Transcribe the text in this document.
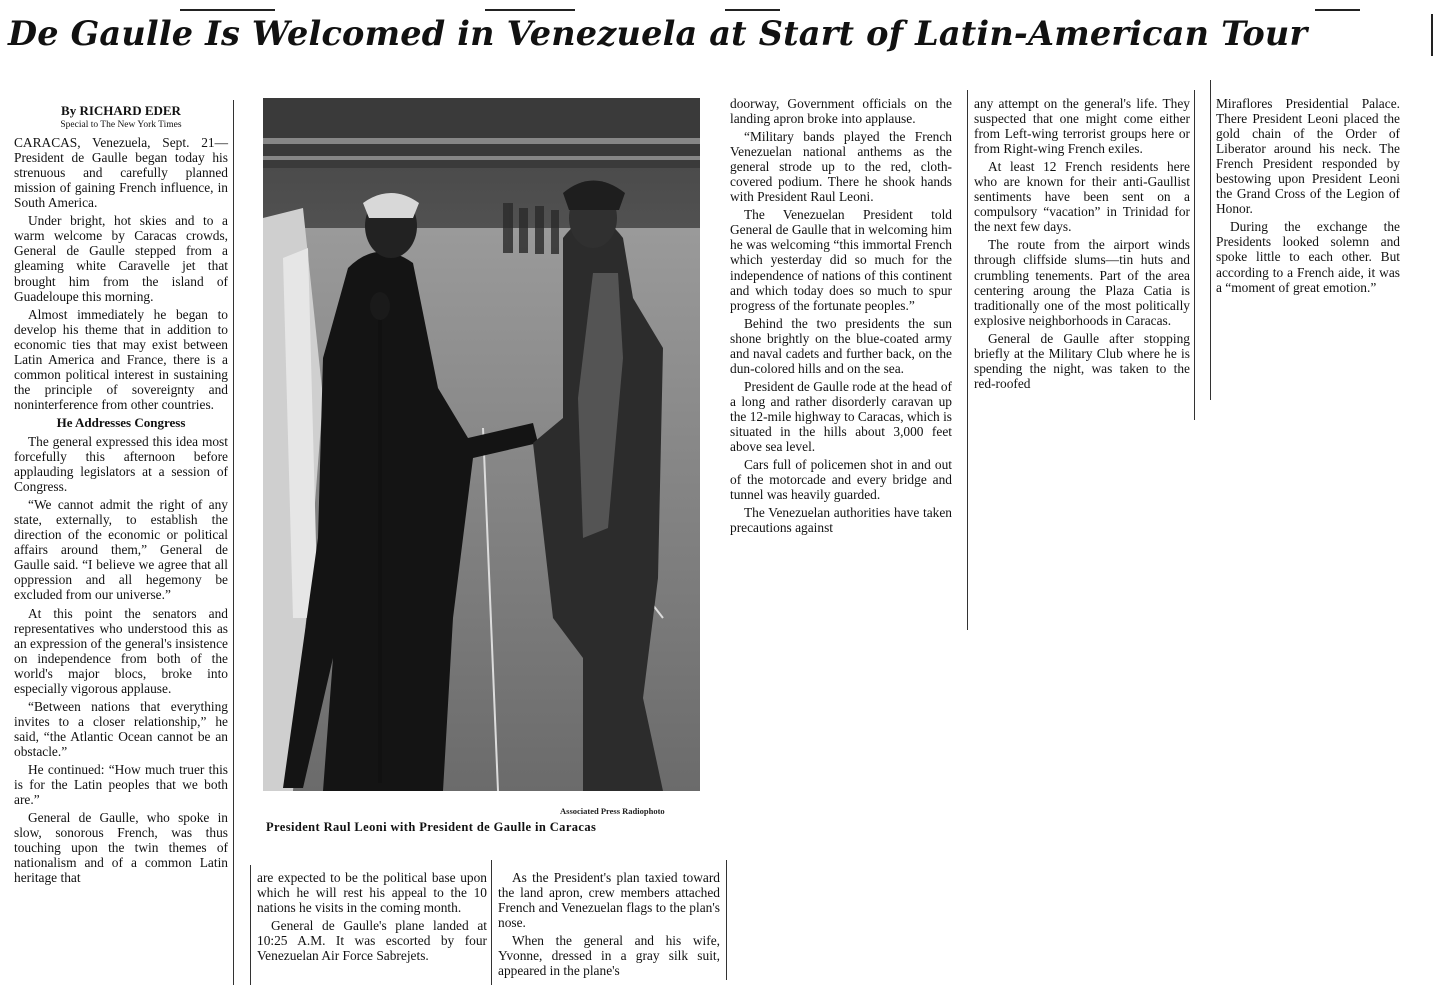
De Gaulle Is Welcomed in Venezuela at Start of Latin-American Tour
By RICHARD EDER
Special to The New York Times

CARACAS, Venezuela, Sept. 21—President de Gaulle began today his strenuous and carefully planned mission of gaining French influence, in South America.

Under bright, hot skies and to a warm welcome by Caracas crowds, General de Gaulle stepped from a gleaming white Caravelle jet that brought him from the island of Guadeloupe this morning.

Almost immediately he began to develop his theme that in addition to economic ties that may exist between Latin America and France, there is a common political interest in sustaining the principle of sovereignty and noninterference from other countries.

He Addresses Congress

The general expressed this idea most forcefully this afternoon before applauding legislators at a session of Congress.

“We cannot admit the right of any state, externally, to establish the direction of the economic or political affairs around them,” General de Gaulle said. “I believe we agree that all oppression and all hegemony be excluded from our universe.”

At this point the senators and representatives who understood this as an expression of the general's insistence on independence from both of the world's major blocs, broke into especially vigorous applause.

“Between nations that everything invites to a closer relationship,” he said, “the Atlantic Ocean cannot be an obstacle.”

He continued: “How much truer this is for the Latin peoples that we both are.”

General de Gaulle, who spoke in slow, sonorous French, was thus touching upon the twin themes of nationalism and of a common Latin heritage that

Associated Press Radiophoto
President Raul Leoni with President de Gaulle in Caracas

are expected to be the political base upon which he will rest his appeal to the 10 nations he visits in the coming month.

General de Gaulle's plane landed at 10:25 A.M. It was escorted by four Venezuelan Air Force Sabrejets.

As the President's plan taxied toward the land apron, crew members attached French and Venezuelan flags to the plan's nose.

When the general and his wife, Yvonne, dressed in a gray silk suit, appeared in the plane's

doorway, Government officials on the landing apron broke into applause.

“Military bands played the French Venezuelan national anthems as the general strode up to the red, cloth-covered podium. There he shook hands with President Raul Leoni.

The Venezuelan President told General de Gaulle that in welcoming him he was welcoming “this immortal French which yesterday did so much for the independence of nations of this continent and which today does so much to spur progress of the fortunate peoples.”

Behind the two presidents the sun shone brightly on the blue-coated army and naval cadets and further back, on the dun-colored hills and on the sea.

President de Gaulle rode at the head of a long and rather disorderly caravan up the 12-mile highway to Caracas, which is situated in the hills about 3,000 feet above sea level.

Cars full of policemen shot in and out of the motorcade and every bridge and tunnel was heavily guarded.

The Venezuelan authorities have taken precautions against

any attempt on the general's life. They suspected that one might come either from Left-wing terrorist groups here or from Right-wing French exiles.

At least 12 French residents here who are known for their anti-Gaullist sentiments have been sent on a compulsory “vacation” in Trinidad for the next few days.

The route from the airport winds through cliffside slums—tin huts and crumbling tenements. Part of the area centering aroung the Plaza Catia is traditionally one of the most politically explosive neighborhoods in Caracas.

General de Gaulle after stopping briefly at the Military Club where he is spending the night, was taken to the red-roofed

Miraflores Presidential Palace. There President Leoni placed the gold chain of the Order of Liberator around his neck. The French President responded by bestowing upon President Leoni the Grand Cross of the Legion of Honor.

During the exchange the Presidents looked solemn and spoke little to each other. But according to a French aide, it was a “moment of great emotion.”
